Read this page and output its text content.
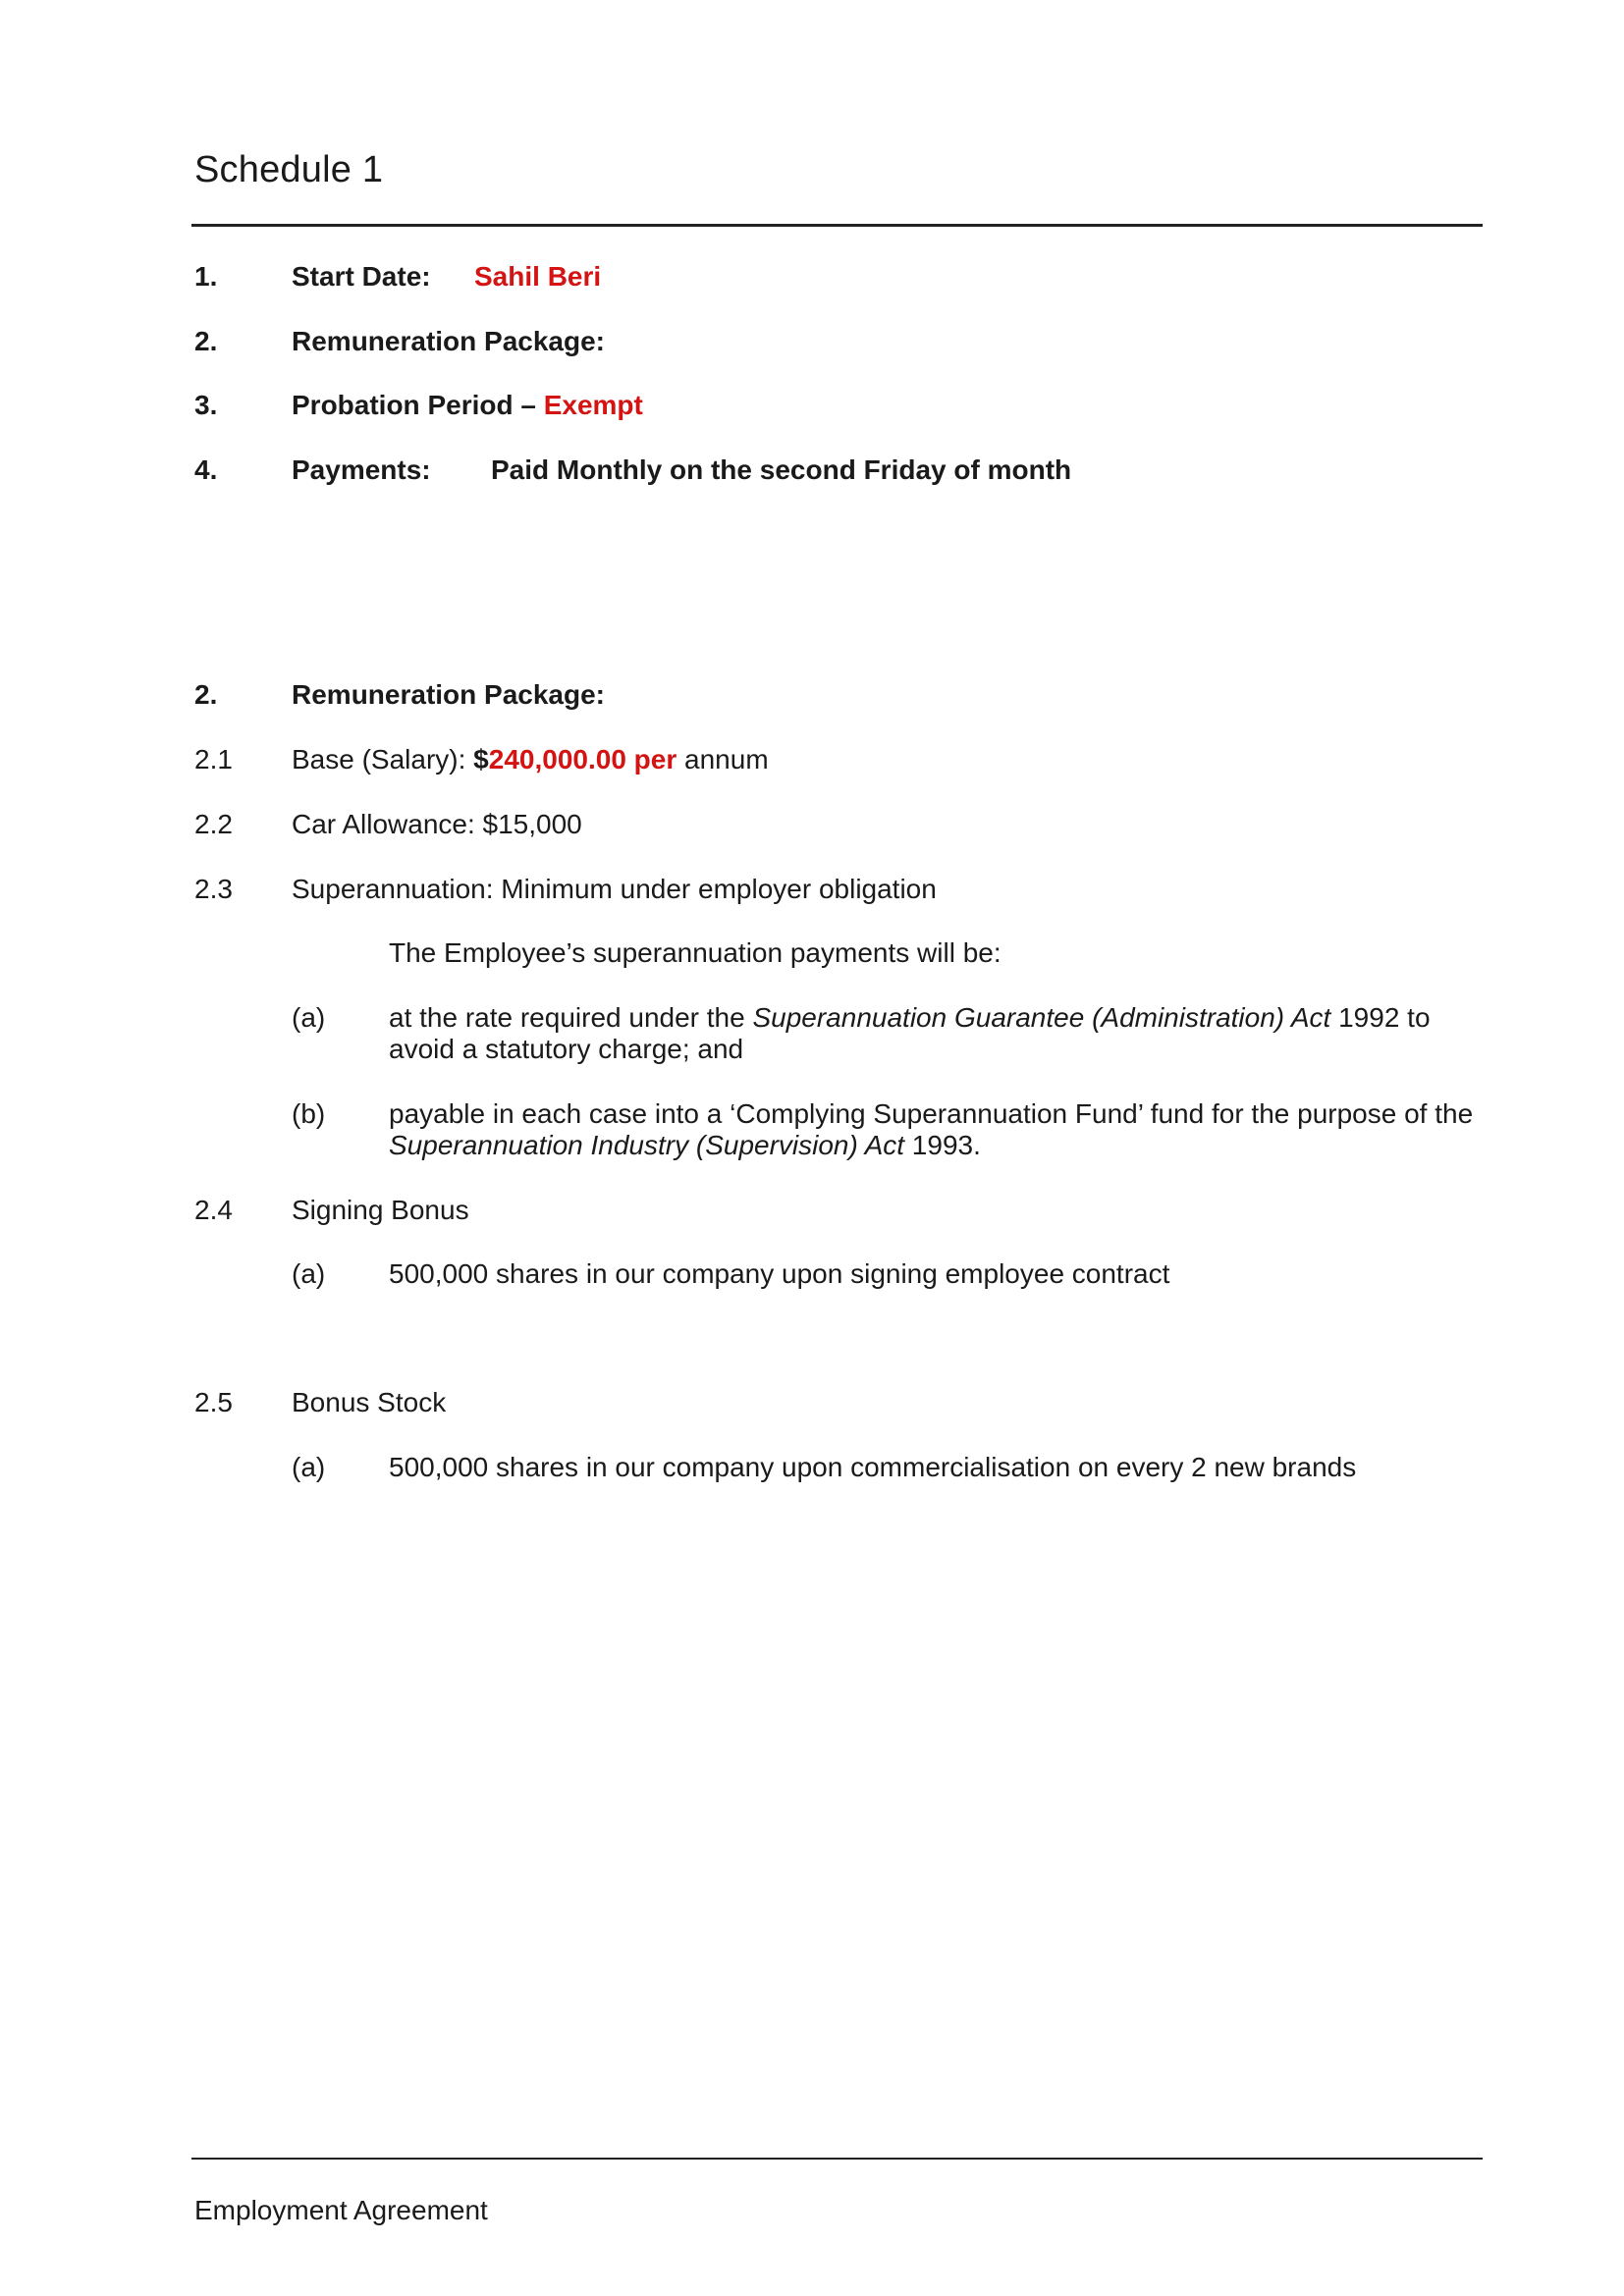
Schedule 1
1.	Start Date: Sahil Beri
2.	Remuneration Package:
3.	Probation Period – Exempt
4.	Payments: Paid Monthly on the second Friday of month
2.	Remuneration Package:
2.1 Base (Salary): $240,000.00 per annum
2.2 Car Allowance: $15,000
2.3 Superannuation: Minimum under employer obligation
The Employee’s superannuation payments will be:
(a) at the rate required under the Superannuation Guarantee (Administration) Act 1992 to
avoid a statutory charge; and
(b) payable in each case into a ‘Complying Superannuation Fund’ fund for the purpose of the
Superannuation Industry (Supervision) Act 1993.
2.4 Signing Bonus
(a) 500,000 shares in our company upon signing employee contract
2.5 Bonus Stock
(a) 500,000 shares in our company upon commercialisation on every 2 new brands
Employment Agreement
